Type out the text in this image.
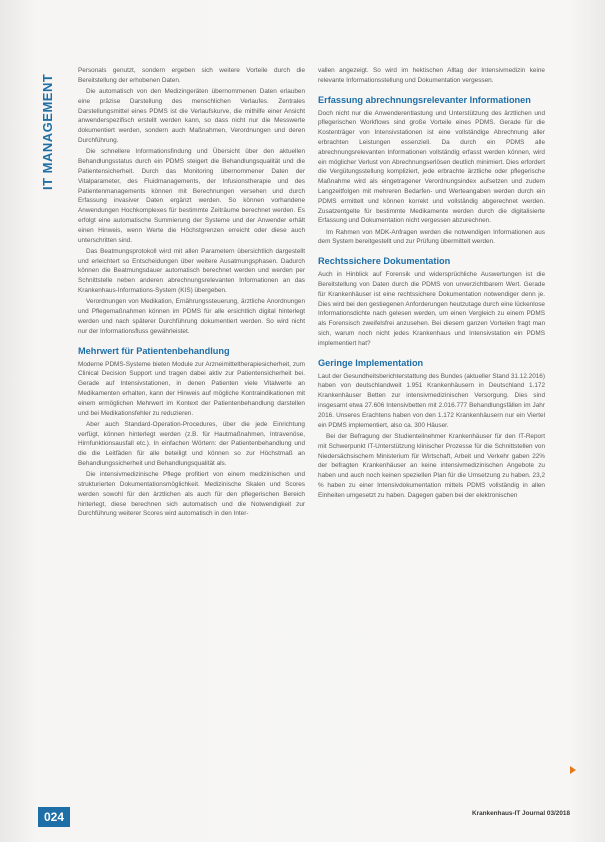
IT MANAGEMENT

Personals genutzt, sondern ergeben sich weitere Vorteile durch die Bereitstellung der erhobenen Daten.

Die automatisch von den Medizingeräten übernommenen Daten erlauben eine präzise Darstellung des menschlichen Verlaufes. Zentrales Darstellungsmittel eines PDMS ist die Verlaufskurve, die mithilfe einer Ansicht anwenderspezifisch erstellt werden kann, so dass nicht nur die Messwerte dokumentiert werden, sondern auch Maßnahmen, Verordnungen und deren Durchführung.

Die schnellere Informationsfindung und Übersicht über den aktuellen Behandlungsstatus durch ein PDMS steigert die Behandlungsqualität und die Patientensicherheit. Durch das Monitoring übernommener Daten der Vitalparameter, des Fluidmanagements, der Infusionstherapie und des Patientenmanagements können mit Berechnungen versehen und durch Erfassung invasiver Daten ergänzt werden. So können vorhandene Anwendungen Hochkomplexes für bestimmte Zeiträume berechnet werden. Es erfolgt eine automatische Summierung der Systeme und der Anwender erhält einen Hinweis, wenn Werte die Höchstgrenzen erreicht oder diese auch unterschritten sind.

Das Beatmungsprotokoll wird mit allen Parametern übersichtlich dargestellt und erleichtert so Entscheidungen über weitere Ausatmungsphasen. Dadurch können die Beatmungsdauer automatisch berechnet werden und werden per Schnittstelle neben anderen abrechnungsrelevanten Informationen an das Krankenhaus-Informations-System (KIS) übergeben.

Verordnungen von Medikation, Ernährungssteuerung, ärztliche Anordnungen und Pflegemaßnahmen können im PDMS für alle ersichtlich digital hinterlegt werden und nach späterer Durchführung dokumentiert werden. So wird nicht nur der Informationsfluss gewährleistet.

Mehrwert für Patientenbehandlung

Moderne PDMS-Systeme bieten Module zur Arzneimitteltherapiesicherheit, zum Clinical Decision Support und tragen dabei aktiv zur Patientensicherheit bei. Gerade auf Intensivstationen, in denen Patienten viele Vitalwerte an Medikamenten erhalten, kann der Hinweis auf mögliche Kontraindikationen mit einem ermöglichen Mehrwert im Kontext der Patientenbehandlung darstellen und bei Medikationsfehler zu reduzieren.

Aber auch Standard-Operation-Procedures, über die jede Einrichtung verfügt, können hinterlegt werden (z.B. für Hautmaßnahmen, Intravenöse, Hirnfunktionsausfall etc.). In einfachen Wörtern: der Patientenbehandlung und die die Leitfäden für alle beteiligt und können so zur Höchstmaß an Behandlungssicherheit und Behandlungsqualität als.

Die intensivmedizinische Pflege profitiert von einem medizinischen und strukturierten Dokumentationsmöglichkeit. Medizinische Skalen und Scores werden sowohl für den ärztlichen als auch für den pflegerischen Bereich hinterlegt, diese berechnen sich automatisch und die Notwendigkeit zur Durchführung weiterer Scores wird automatisch in den Inter-

vallen angezeigt. So wird im hektischen Alltag der Intensivmedizin keine relevante Informationsstellung und Dokumentation vergessen.

Erfassung abrechnungsrelevanter Informationen

Doch nicht nur die Anwenderentlastung und Unterstützung des ärztlichen und pflegerischen Workflows sind große Vorteile eines PDMS. Gerade für die Kostenträger von Intensivstationen ist eine vollständige Abrechnung aller erbrachten Leistungen essenziell. Da durch ein PDMS alle abrechnungsrelevanten Informationen vollständig erfasst werden können, wird ein möglicher Verlust von Abrechnungserlösen deutlich minimiert. Dies erfordert die Vergütungsstellung kompliziert, jede erbrachte ärztliche oder pflegerische Maßnahme wird als eingetragener Verordnungsindex aufsetzen und zudem Langzeitfolgen mit mehreren Bedarfen- und Werteangaben werden durch ein PDMS ermittelt und können korrekt und vollständig abgerechnet werden. Zusatzentgelte für bestimmte Medikamente werden durch die digitalisierte Erfassung und Dokumentation nicht vergessen abzurechnen.

Im Rahmen von MDK-Anfragen werden die notwendigen Informationen aus dem System bereitgestellt und zur Prüfung übermittelt werden.

Rechtssichere Dokumentation

Auch in Hinblick auf Forensik und widersprüchliche Auswertungen ist die Bereitstellung von Daten durch die PDMS von unverzichtbarem Wert. Gerade für Krankenhäuser ist eine rechtssichere Dokumentation notwendiger denn je. Dies wird bei den gestiegenen Anforderungen heutzutage durch eine lückenlose Informationsdichte nach gelesen werden, um einen Vergleich zu einem PDMS als Forensisch zweifelsfrei anzusehen. Bei diesem ganzen Vorteilen fragt man sich, warum noch nicht jedes Krankenhaus und Intensivstation ein PDMS implementiert hat?

Geringe Implementation

Laut der Gesundheitsberichterstattung des Bundes (aktueller Stand 31.12.2016) haben von deutschlandweit 1.951 Krankenhäusern in Deutschland 1.172 Krankenhäuser Betten zur intensivmedizinischen Versorgung. Dies sind insgesamt etwa 27.606 Intensivbetten mit 2.016.777 Behandlungsfällen im Jahr 2016. Unseres Erachtens haben von den 1.172 Krankenhäusern nur ein Viertel ein PDMS implementiert, also ca. 300 Häuser.

Bei der Befragung der Studienteilnehmer Krankenhäuser für den IT-Report mit Schwerpunkt IT-Unterstützung klinischer Prozesse für die Schnittstellen von Niedersächsischem Ministerium für Wirtschaft, Arbeit und Verkehr gaben 22% der befragten Krankenhäuser an keine intensivmedizinischen Angebote zu haben und auch noch keinen speziellen Plan für die Umsetzung zu haben. 23,2 % haben zu einer Intensivdokumentation mittels PDMS vollständig in allen Einheiten umgesetzt zu haben. Dagegen gaben bei der elektronischen

024	Krankenhaus-IT Journal 03/2018
